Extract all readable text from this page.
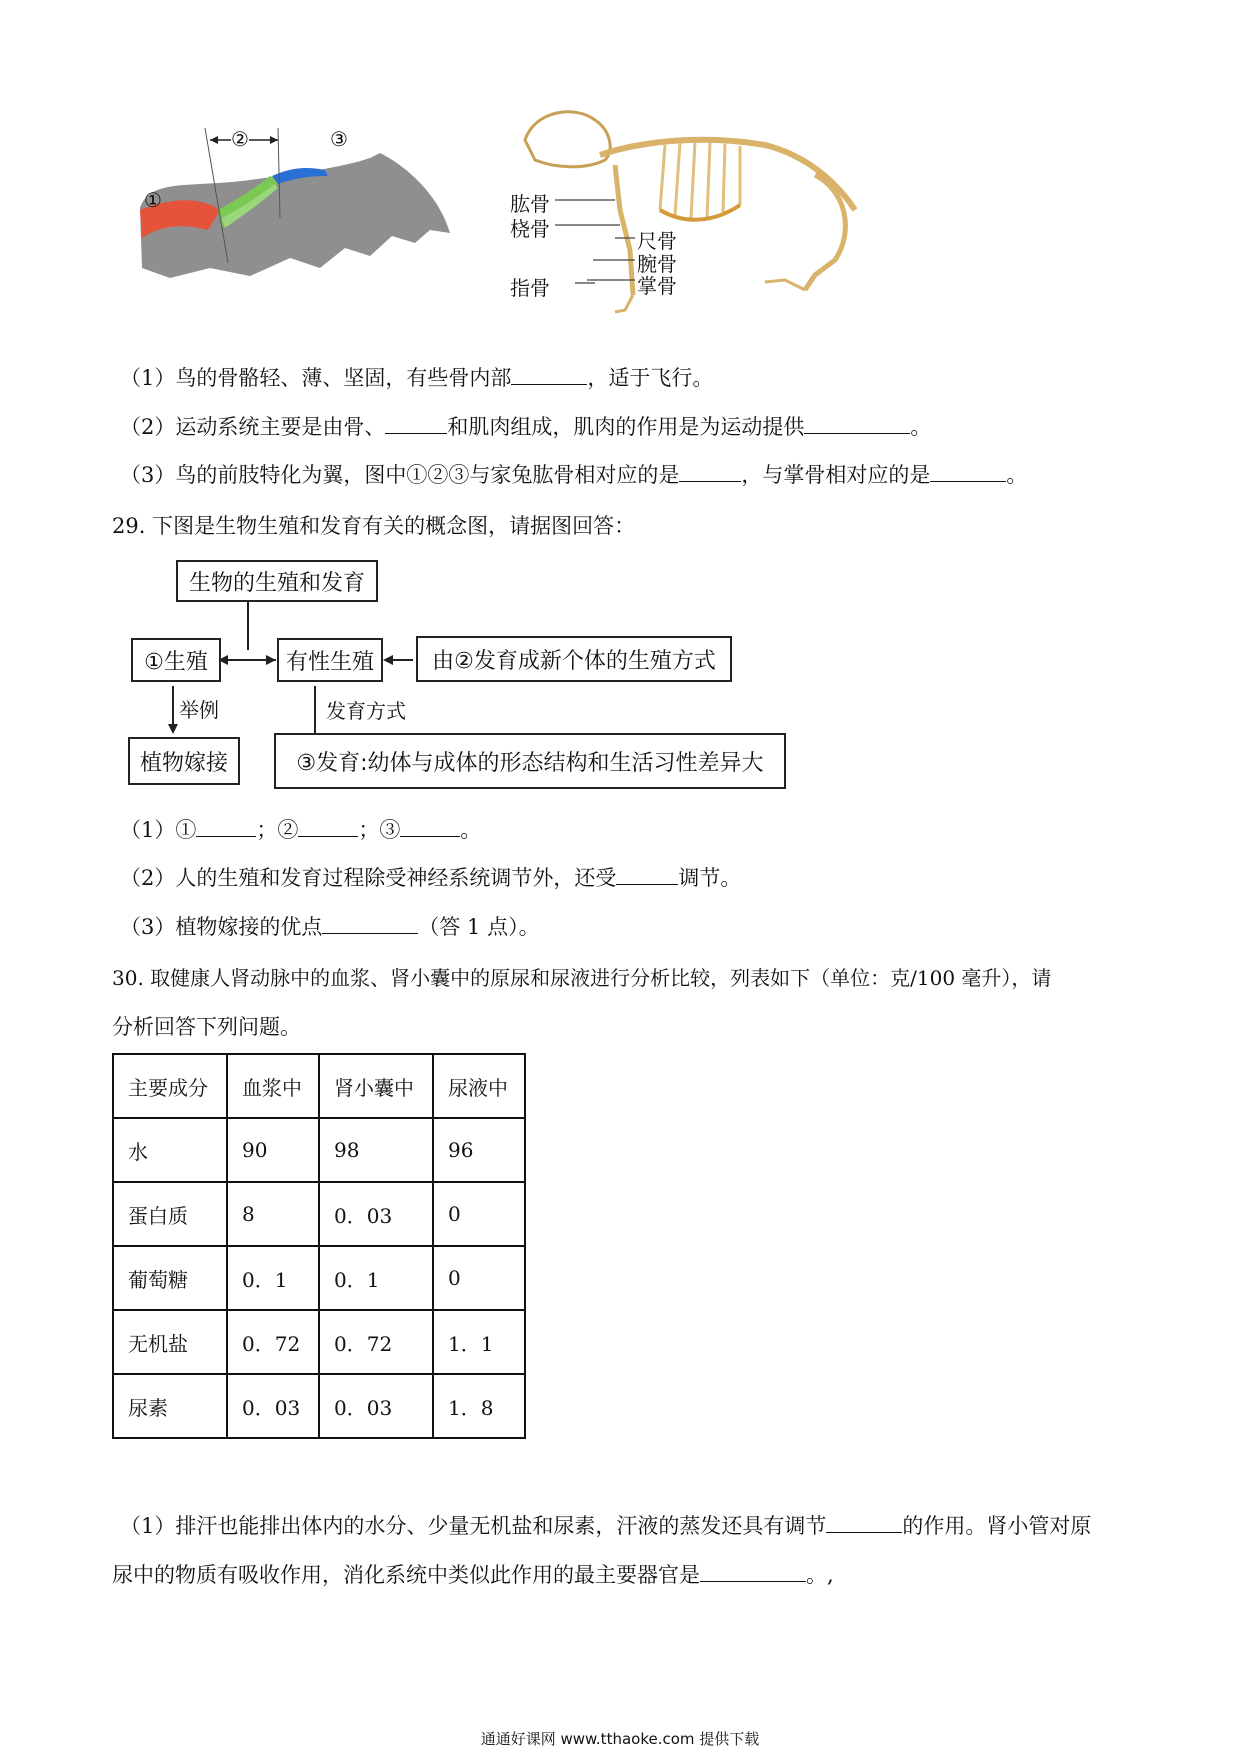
①
②	③
肱骨
桡骨	尺骨
腕骨
掌骨
指骨
（1）鸟的骨骼轻、薄、坚固，有些骨内部	，适于飞行。
（2）运动系统主要是由骨、	和肌肉组成，肌肉的作用是为运动提供	。
（3）鸟的前肢特化为翼，图中①②③与家兔肱骨相对应的是	，与掌骨相对应的是	。
29. 下图是生物生殖和发育有关的概念图，请据图回答：
生物的生殖和发育
①生殖	有性生殖	由②发育成新个体的生殖方式
举例	发育方式
植物嫁接	③发育:幼体与成体的形态结构和生活习性差异大
（1）①	；②	；③	。
（2）人的生殖和发育过程除受神经系统调节外，还受	调节。
（3）植物嫁接的优点	（答 1 点）。
30. 取健康人肾动脉中的血浆、肾小囊中的原尿和尿液进行分析比较，列表如下（单位：克/100 毫升），请
分析回答下列问题。
主要成分	血浆中	肾小囊中	尿液中
水	90	98	96
蛋白质	8	0．03	0
葡萄糖	0．1	0．1	0
无机盐	0．72	0．72	1．1
尿素	0．03	0．03	1．8
（1）排汗也能排出体内的水分、少量无机盐和尿素，汗液的蒸发还具有调节	的作用。肾小管对原
尿中的物质有吸收作用，消化系统中类似此作用的最主要器官是	。,
通通好课网 www.tthaoke.com 提供下载
